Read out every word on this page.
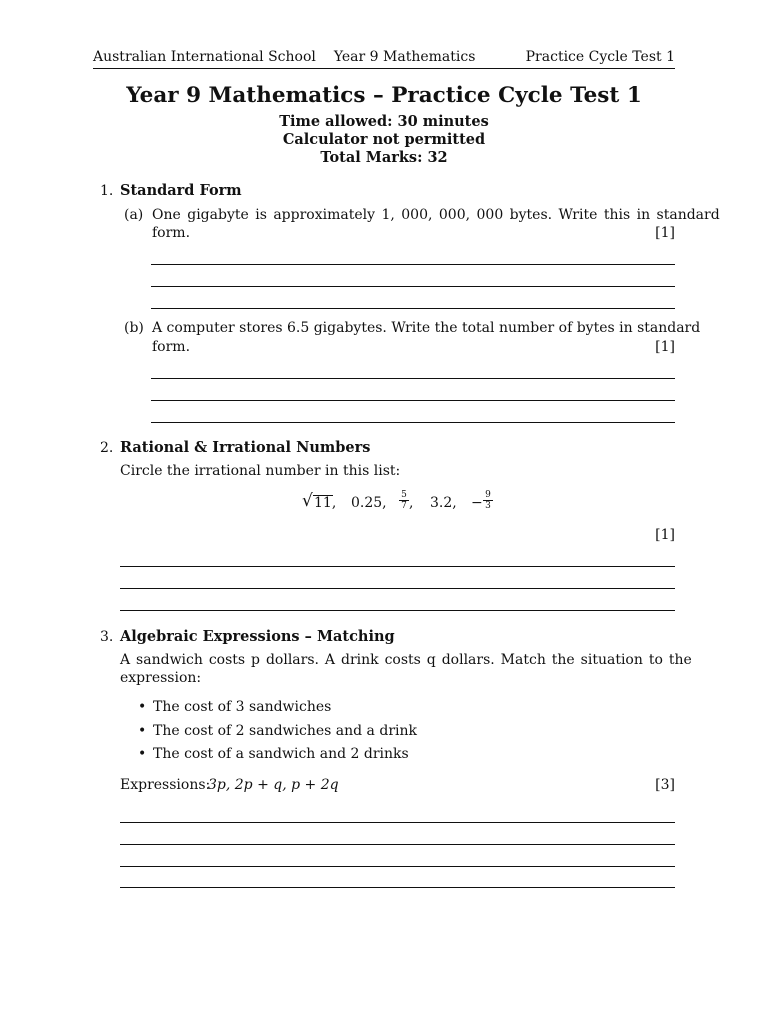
Australian International School Year 9 Mathematics	Practice Cycle Test 1
Year 9 Mathematics – Practice Cycle Test 1
Time allowed: 30 minutes
Calculator not permitted
Total Marks: 32
1. Standard Form
(a) One gigabyte is approximately 1, 000, 000, 000 bytes. Write this in standard
form.	[1]
(b) A computer stores 6.5 gigabytes. Write the total number of bytes in standard
form.	[1]
2. Rational & Irrational Numbers
Circle the irrational number in this list:
√ 11, 0.25, $\frac{5}{7}$ , 3.2, − $\frac{9}{3}$
[1]
3. Algebraic Expressions – Matching
A sandwich costs p dollars. A drink costs q dollars. Match the situation to the
expression:
• The cost of 3 sandwiches
• The cost of 2 sandwiches and a drink
• The cost of a sandwich and 2 drinks
Expressions:
3p, 2p + q, p + 2q	[3]
